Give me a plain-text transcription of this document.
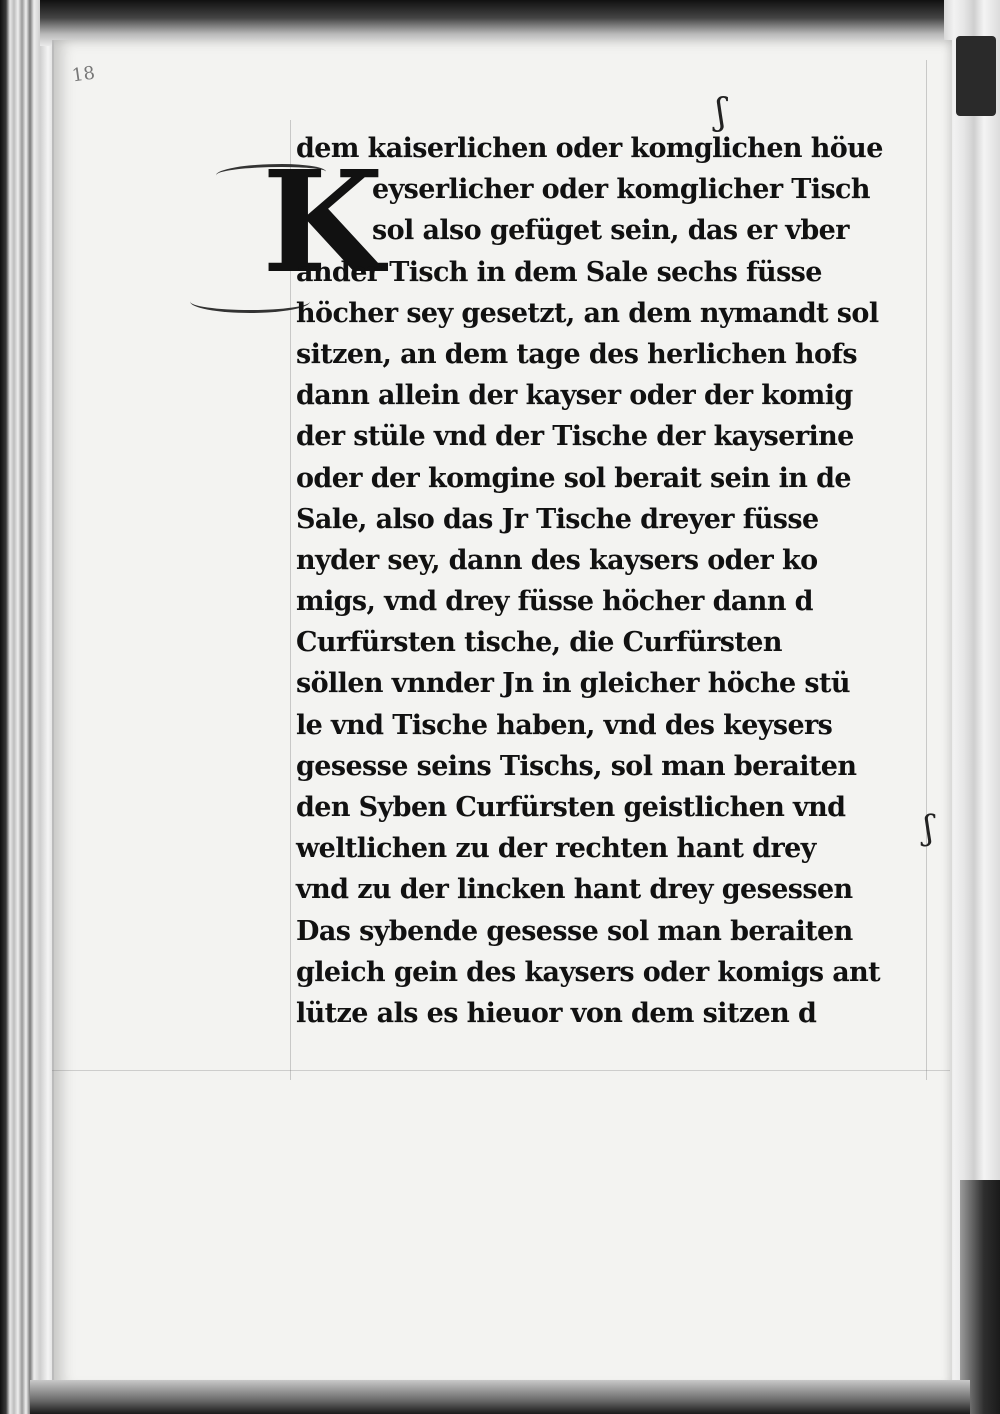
18
ʃ
K
dem kaiserlichen oder komglichen höue
eyserlicher oder komglicher Tisch
sol also gefüget sein, das er vber
ander Tisch in dem Sale sechs füsse
höcher sey gesetzt, an dem nymandt sol
sitzen, an dem tage des herlichen hofs
dann allein der kayser oder der komig
der stüle vnd der Tische der kayserine
oder der komgine sol berait sein in de
Sale, also das Jr Tische dreyer füsse
nyder sey, dann des kaysers oder ko
migs, vnd drey füsse höcher dann d
Curfürsten tische, die Curfürsten
söllen vnnder Jn in gleicher höche stü
le vnd Tische haben, vnd des keysers
gesesse seins Tischs, sol man beraiten
den Syben Curfürsten geistlichen vnd
weltlichen zu der rechten hant drey
vnd zu der lincken hant drey gesessen
Das sybende gesesse sol man beraiten
gleich gein des kaysers oder komigs ant
lütze als es hieuor von dem sitzen d
ʃ
